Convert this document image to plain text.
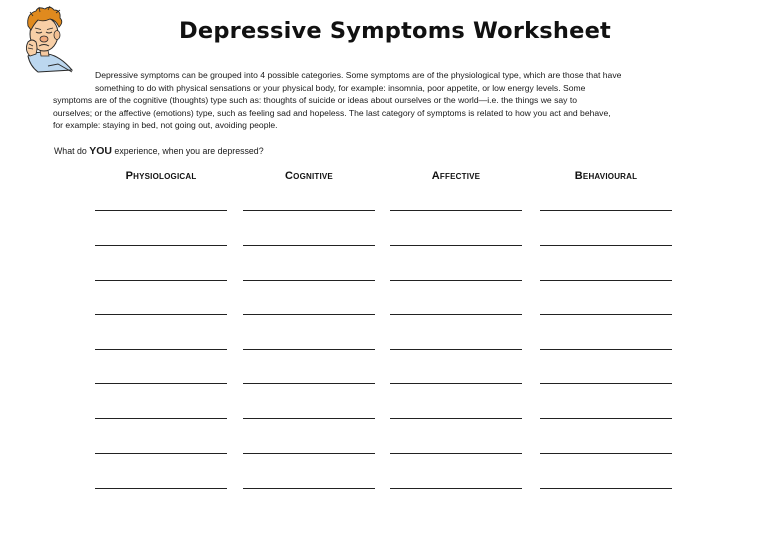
Depressive Symptoms Worksheet

Depressive symptoms can be grouped into 4 possible categories. Some symptoms are of the physiological type, which are those that have
something to do with physical sensations or your physical body, for example: insomnia, poor appetite, or low energy levels. Some
symptoms are of the cognitive (thoughts) type such as: thoughts of suicide or ideas about ourselves or the world—i.e. the things we say to
ourselves; or the affective (emotions) type, such as feeling sad and hopeless. The last category of symptoms is related to how you act and behave,
for example: staying in bed, not going out, avoiding people.

What do YOU experience, when you are depressed?
Physiological	Cognitive	Affective	Behavioural
